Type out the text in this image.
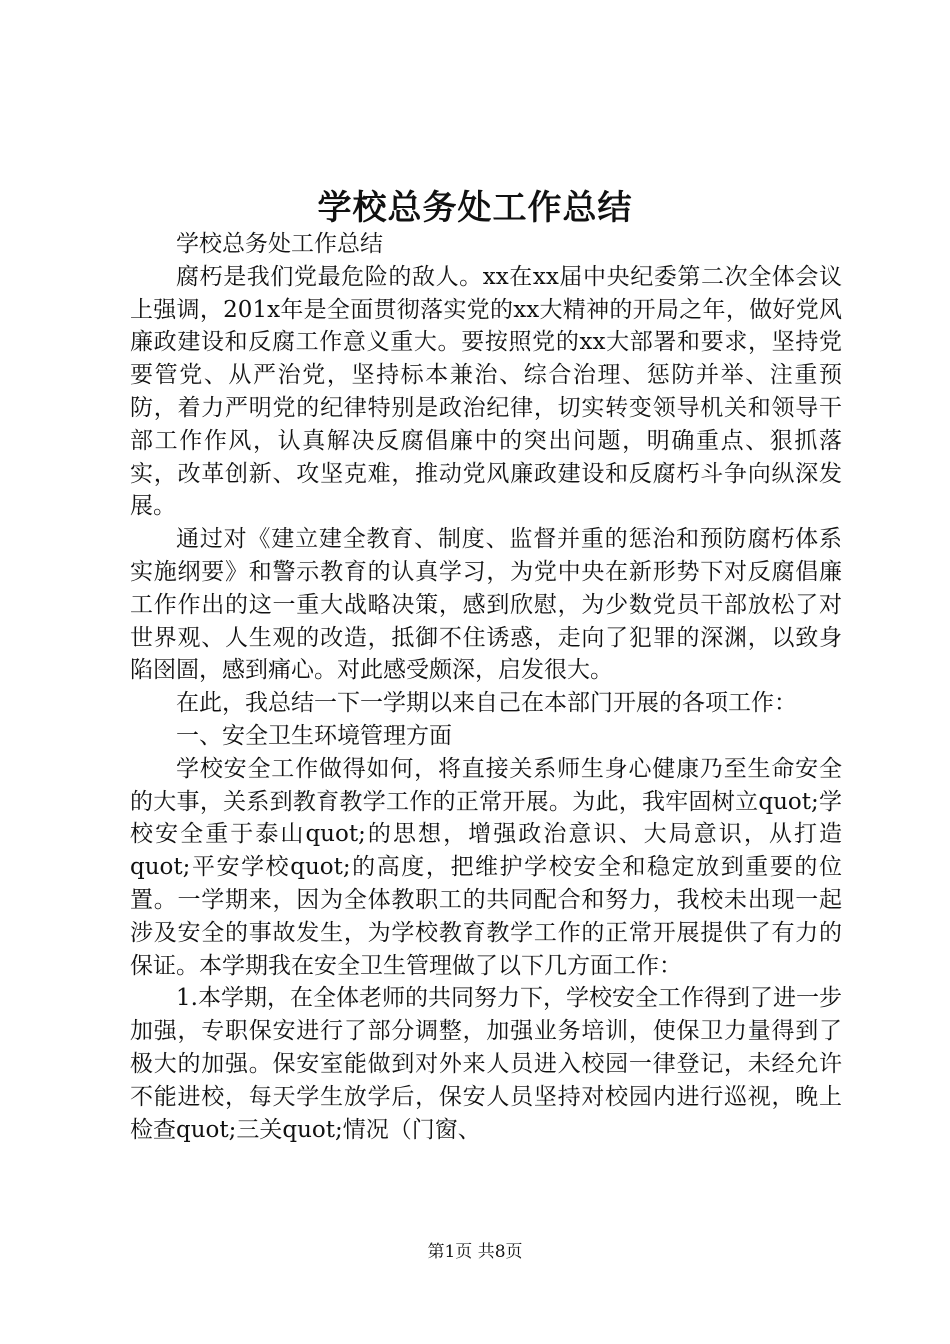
学校总务处工作总结

学校总务处工作总结

腐朽是我们党最危险的敌人。xx在xx届中央纪委第二次全体会议上强调，201x年是全面贯彻落实党的xx大精神的开局之年，做好党风廉政建设和反腐工作意义重大。要按照党的xx大部署和要求，坚持党要管党、从严治党，坚持标本兼治、综合治理、惩防并举、注重预防，着力严明党的纪律特别是政治纪律，切实转变领导机关和领导干部工作作风，认真解决反腐倡廉中的突出问题，明确重点、狠抓落实，改革创新、攻坚克难，推动党风廉政建设和反腐朽斗争向纵深发展。

通过对《建立建全教育、制度、监督并重的惩治和预防腐朽体系实施纲要》和警示教育的认真学习，为党中央在新形势下对反腐倡廉工作作出的这一重大战略决策，感到欣慰，为少数党员干部放松了对世界观、人生观的改造，抵御不住诱惑，走向了犯罪的深渊，以致身陷囹圄，感到痛心。对此感受颇深，启发很大。

在此，我总结一下一学期以来自己在本部门开展的各项工作：

一、安全卫生环境管理方面

学校安全工作做得如何，将直接关系师生身心健康乃至生命安全的大事，关系到教育教学工作的正常开展。为此，我牢固树立quot;学校安全重于泰山quot;的思想，增强政治意识、大局意识，从打造quot;平安学校quot;的高度，把维护学校安全和稳定放到重要的位置。一学期来，因为全体教职工的共同配合和努力，我校未出现一起涉及安全的事故发生，为学校教育教学工作的正常开展提供了有力的保证。本学期我在安全卫生管理做了以下几方面工作：

1.本学期，在全体老师的共同努力下，学校安全工作得到了进一步加强，专职保安进行了部分调整，加强业务培训，使保卫力量得到了极大的加强。保安室能做到对外来人员进入校园一律登记，未经允许不能进校，每天学生放学后，保安人员坚持对校园内进行巡视，晚上检查quot;三关quot;情况（门窗、

第1页 共8页
